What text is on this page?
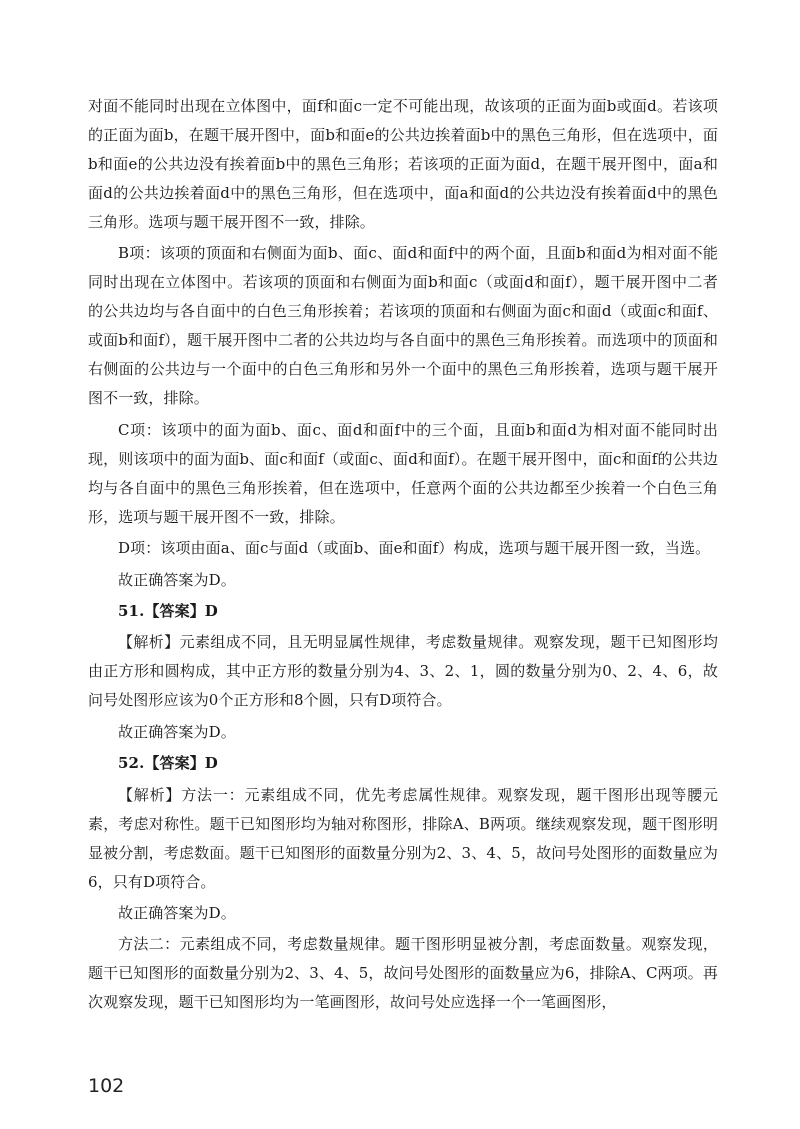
对面不能同时出现在立体图中，面f和面c一定不可能出现，故该项的正面为面b或面d。若该项的正面为面b，在题干展开图中，面b和面e的公共边挨着面b中的黑色三角形，但在选项中，面b和面e的公共边没有挨着面b中的黑色三角形；若该项的正面为面d，在题干展开图中，面a和面d的公共边挨着面d中的黑色三角形，但在选项中，面a和面d的公共边没有挨着面d中的黑色三角形。选项与题干展开图不一致，排除。

B项：该项的顶面和右侧面为面b、面c、面d和面f中的两个面，且面b和面d为相对面不能同时出现在立体图中。若该项的顶面和右侧面为面b和面c（或面d和面f），题干展开图中二者的公共边均与各自面中的白色三角形挨着；若该项的顶面和右侧面为面c和面d（或面c和面f、或面b和面f），题干展开图中二者的公共边均与各自面中的黑色三角形挨着。而选项中的顶面和右侧面的公共边与一个面中的白色三角形和另外一个面中的黑色三角形挨着，选项与题干展开图不一致，排除。

C项：该项中的面为面b、面c、面d和面f中的三个面，且面b和面d为相对面不能同时出现，则该项中的面为面b、面c和面f（或面c、面d和面f）。在题干展开图中，面c和面f的公共边均与各自面中的黑色三角形挨着，但在选项中，任意两个面的公共边都至少挨着一个白色三角形，选项与题干展开图不一致，排除。

D项：该项由面a、面c与面d（或面b、面e和面f）构成，选项与题干展开图一致，当选。

故正确答案为D。

51.【答案】D

【解析】元素组成不同，且无明显属性规律，考虑数量规律。观察发现，题干已知图形均由正方形和圆构成，其中正方形的数量分别为4、3、2、1，圆的数量分别为0、2、4、6，故问号处图形应该为0个正方形和8个圆，只有D项符合。

故正确答案为D。

52.【答案】D

【解析】方法一：元素组成不同，优先考虑属性规律。观察发现，题干图形出现等腰元素，考虑对称性。题干已知图形均为轴对称图形，排除A、B两项。继续观察发现，题干图形明显被分割，考虑数面。题干已知图形的面数量分别为2、3、4、5，故问号处图形的面数量应为6，只有D项符合。

故正确答案为D。

方法二：元素组成不同，考虑数量规律。题干图形明显被分割，考虑面数量。观察发现，题干已知图形的面数量分别为2、3、4、5，故问号处图形的面数量应为6，排除A、C两项。再次观察发现，题干已知图形均为一笔画图形，故问号处应选择一个一笔画图形，

102
